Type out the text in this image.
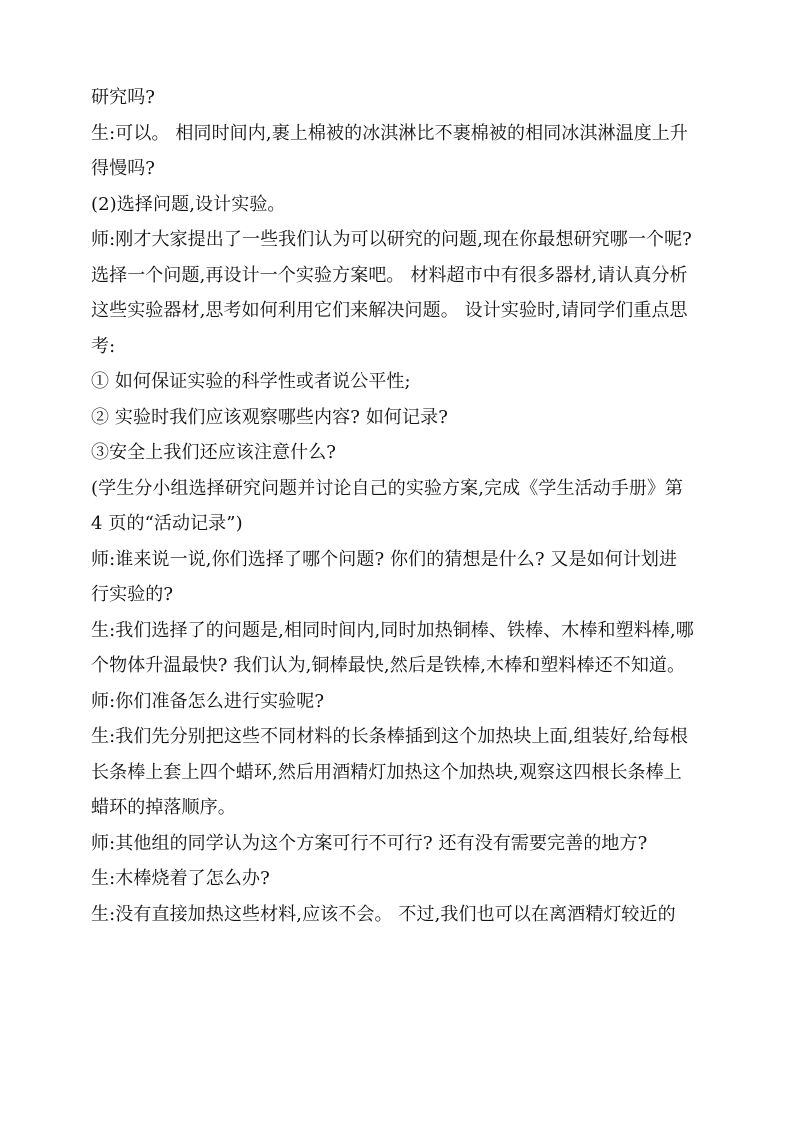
研究吗?
生:可以。 相同时间内,裹上棉被的冰淇淋比不裹棉被的相同冰淇淋温度上升
得慢吗?
(2)选择问题,设计实验。
师:刚才大家提出了一些我们认为可以研究的问题,现在你最想研究哪一个呢?
选择一个问题,再设计一个实验方案吧。 材料超市中有很多器材,请认真分析
这些实验器材,思考如何利用它们来解决问题。 设计实验时,请同学们重点思
考:
① 如何保证实验的科学性或者说公平性;
② 实验时我们应该观察哪些内容? 如何记录?
③安全上我们还应该注意什么?
(学生分小组选择研究问题并讨论自己的实验方案,完成《学生活动手册》第
4 页的“活动记录”)
师:谁来说一说,你们选择了哪个问题? 你们的猜想是什么? 又是如何计划进
行实验的?
生:我们选择了的问题是,相同时间内,同时加热铜棒、铁棒、木棒和塑料棒,哪
个物体升温最快? 我们认为,铜棒最快,然后是铁棒,木棒和塑料棒还不知道。
师:你们准备怎么进行实验呢?
生:我们先分别把这些不同材料的长条棒插到这个加热块上面,组装好,给每根
长条棒上套上四个蜡环,然后用酒精灯加热这个加热块,观察这四根长条棒上
蜡环的掉落顺序。
师:其他组的同学认为这个方案可行不可行? 还有没有需要完善的地方?
生:木棒烧着了怎么办?
生:没有直接加热这些材料,应该不会。 不过,我们也可以在离酒精灯较近的
